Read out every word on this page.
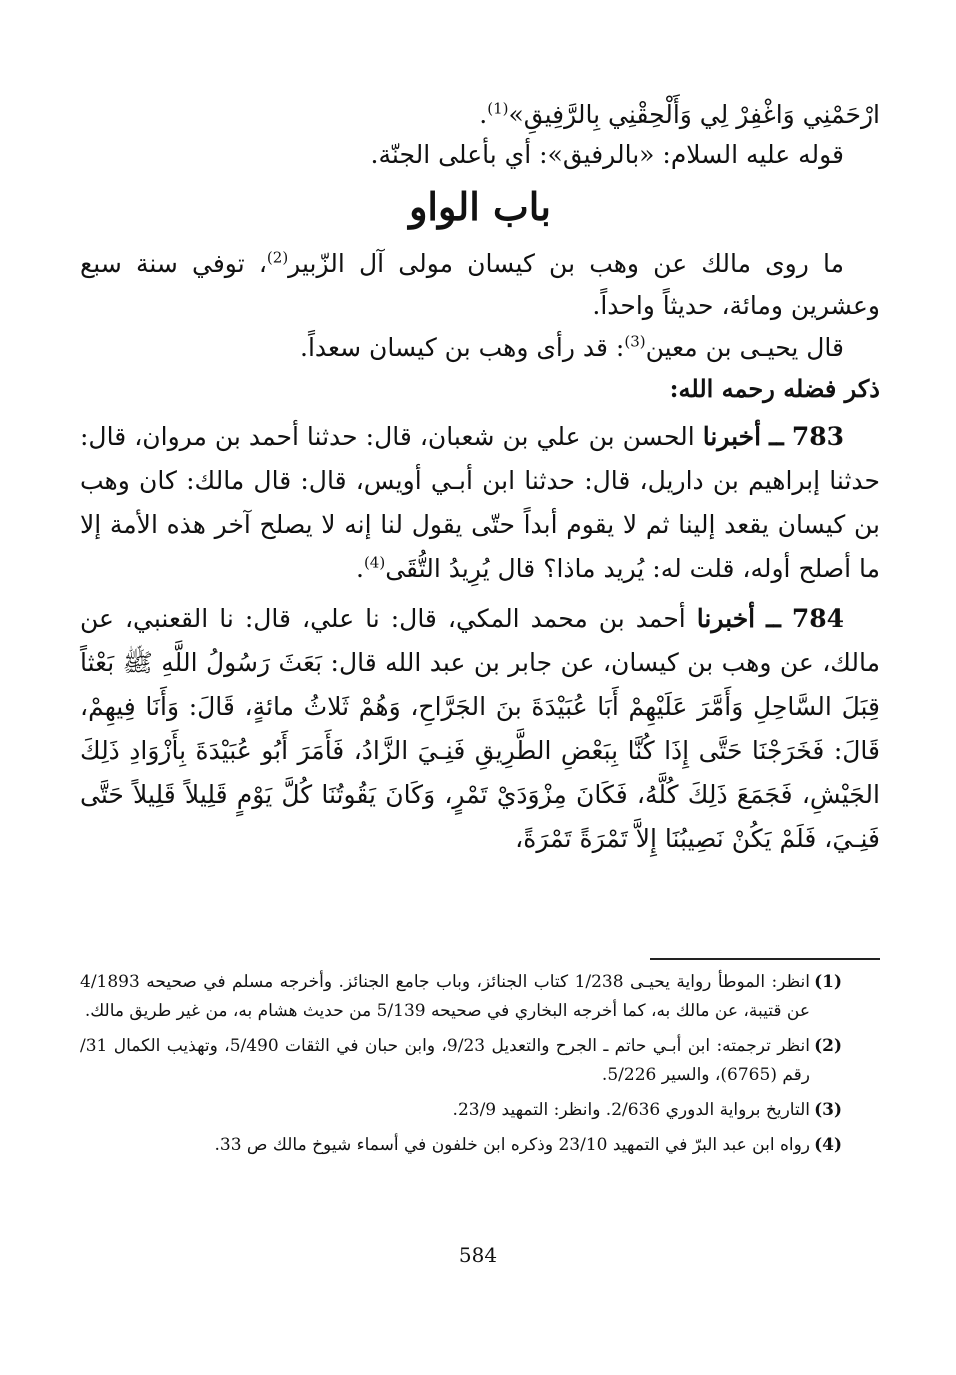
ارْحَمْنِي وَاغْفِرْ لِي وَأَلْحِقْنِي بِالرَّفِيقِ»$^{(1)}$.

قوله عليه السلام: «بالرفيق»: أي بأعلى الجنّة.

باب الواو

ما روى مالك عن وهب بن كيسان مولى آل الزّبير$^{(2)}$، توفي سنة سبع وعشرين ومائة، حديثاً واحداً.

قال يحيـى بن معين$^{(3)}$: قد رأى وهب بن كيسان سعداً.

ذكر فضله رحمه الله:

783 ــ أخبرنا الحسن بن علي بن شعبان، قال: حدثنا أحمد بن مروان، قال: حدثنا إبراهيم بن داريل، قال: حدثنا ابن أبـي أويس، قال: قال مالك: كان وهب بن كيسان يقعد إلينا ثم لا يقوم أبداً حتّى يقول لنا إنه لا يصلح آخر هذه الأمة إلا ما أصلح أوله، قلت له: يُريد ماذا؟ قال يُرِيدُ التُّقَى$^{(4)}$.

784 ــ أخبرنا أحمد بن محمد المكي، قال: نا علي، قال: نا القعنبي، عن مالك، عن وهب بن كيسان، عن جابر بن عبد الله قال: بَعَثَ رَسُولُ اللَّهِ ﷺ بَعْثاً قِبَلَ السَّاحِلِ وَأَمَّرَ عَلَيْهِمْ أَبَا عُبَيْدَةَ بنَ الجَرَّاحِ، وَهُمْ ثَلاثُ مائةٍ، قَالَ: وَأَنَا فِيهِمْ، قَالَ: فَخَرَجْنَا حَتَّى إِذَا كُنَّا بِبَعْضِ الطَّرِيقِ فَنِـيَ الزَّادُ، فَأَمَرَ أَبُو عُبَيْدَةَ بِأَزْوَادِ ذَلِكَ الجَيْشِ، فَجَمَعَ ذَلِكَ كُلَّهُ، فَكَانَ مِزْوَدَيْ تَمْرٍ، وَكَانَ يَقُوتُنَا كُلَّ يَوْمٍ قَلِيلاً قَلِيلاً حَتَّى فَنِـيَ، فَلَمْ يَكُنْ نَصِيبُنَا إِلاَّ تَمْرَةً تَمْرَةً،

(1)
انظر: الموطأ رواية يحيـى 1/238 كتاب الجنائز، وباب جامع الجنائز. وأخرجه مسلم في صحيحه 4/1893 عن قتيبة، عن مالك به، كما أخرجه البخاري في صحيحه 5/139 من حديث هشام به، من غير طريق مالك.
(2)
انظر ترجمته: ابن أبـي حاتم ـ الجرح والتعديل 9/23، وابن حبان في الثقات 5/490، وتهذيب الكمال 31/ رقم (6765)، والسير 5/226.
(3)
التاريخ برواية الدوري 2/636. وانظر: التمهيد 23/9.
(4)
رواه ابن عبد البرّ في التمهيد 23/10 وذكره ابن خلفون في أسماء شيوخ مالك ص 33.
584
